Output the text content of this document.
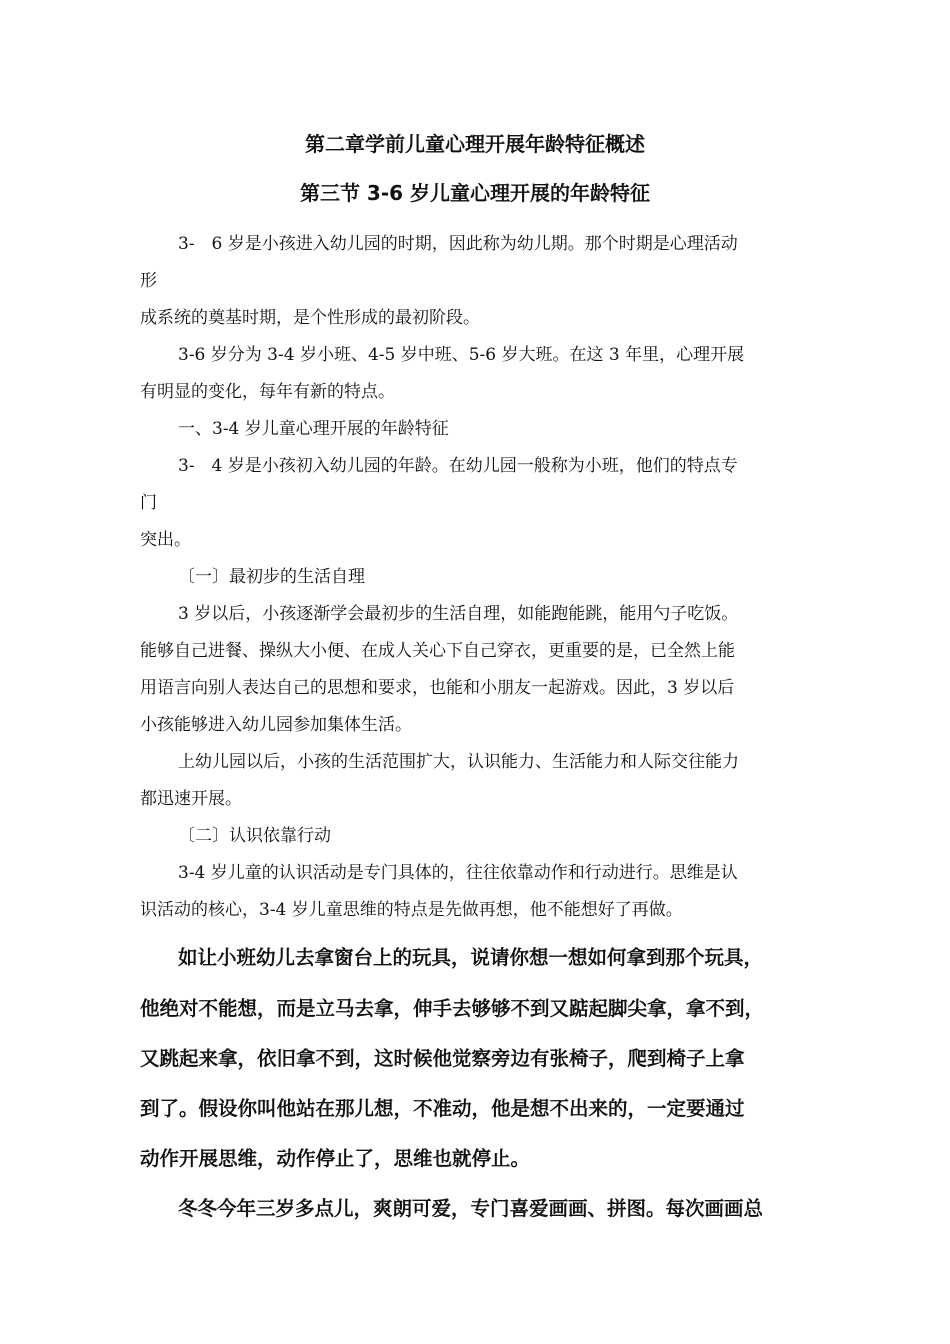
第二章学前儿童心理开展年龄特征概述
第三节 3-6 岁儿童心理开展的年龄特征
3-　6 岁是小孩进入幼儿园的时期，因此称为幼儿期。那个时期是心理活动
形
成系统的奠基时期，是个性形成的最初阶段。
3-6 岁分为 3-4 岁小班、4-5 岁中班、5-6 岁大班。在这 3 年里，心理开展
有明显的变化，每年有新的特点。
一、3-4 岁儿童心理开展的年龄特征
3-　4 岁是小孩初入幼儿园的年龄。在幼儿园一般称为小班，他们的特点专
门
突出。
〔一〕最初步的生活自理
3 岁以后，小孩逐渐学会最初步的生活自理，如能跑能跳，能用勺子吃饭。
能够自己进餐、操纵大小便、在成人关心下自己穿衣，更重要的是，已全然上能
用语言向别人表达自己的思想和要求，也能和小朋友一起游戏。因此，3 岁以后
小孩能够进入幼儿园参加集体生活。
上幼儿园以后，小孩的生活范围扩大，认识能力、生活能力和人际交往能力
都迅速开展。
〔二〕认识依靠行动
3-4 岁儿童的认识活动是专门具体的，往往依靠动作和行动进行。思维是认
识活动的核心，3-4 岁儿童思维的特点是先做再想，他不能想好了再做。
如让小班幼儿去拿窗台上的玩具，说请你想一想如何拿到那个玩具，
他绝对不能想，而是立马去拿，伸手去够够不到又踮起脚尖拿，拿不到，
又跳起来拿，依旧拿不到，这时候他觉察旁边有张椅子，爬到椅子上拿
到了。假设你叫他站在那儿想，不准动，他是想不出来的，一定要通过
动作开展思维，动作停止了，思维也就停止。
冬冬今年三岁多点儿，爽朗可爱，专门喜爱画画、拼图。每次画画总
